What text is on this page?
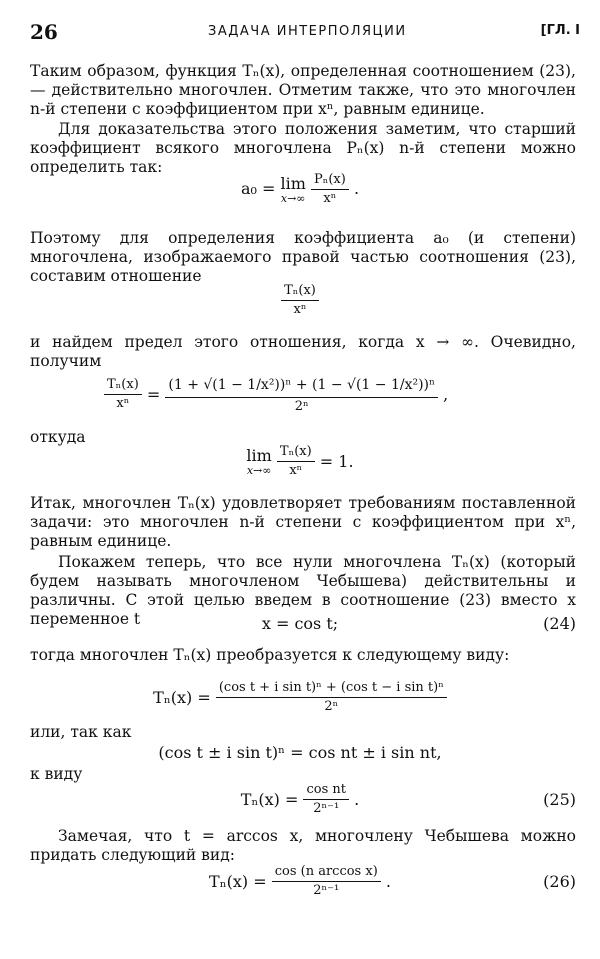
26	ЗАДАЧА ИНТЕРПОЛЯЦИИ	[ГЛ. I

Таким образом, функция Tₙ(x), определенная соотношением (23),— действительно многочлен. Отметим также, что это многочлен n-й степени с коэффициентом при xⁿ, равным единице.

Для доказательства этого положения заметим, что старший коэффициент всякого многочлена Pₙ(x) n-й степени можно определить так:

a₀ = lim
x→∞
$\frac{\text{Pₙ(x)}}{\text{xⁿ}}$ .

Поэтому для определения коэффициента a₀ (и степени) многочлена, изображаемого правой частью соотношения (23), составим отношение

$\frac{\text{Tₙ(x)}}{\text{xⁿ}}$

и найдем предел этого отношения, когда x → ∞. Очевидно, получим

$\frac{\text{Tₙ(x)}}{\text{xⁿ}} = \frac{\text{(1 + √(1 − 1/x²))ⁿ + (1 − √(1 − 1/x²))ⁿ}}{\text{2ⁿ}}$ ,

откуда

lim
x→∞
$\frac{\text{Tₙ(x)}}{\text{xⁿ}} = 1$.

Итак, многочлен Tₙ(x) удовлетворяет требованиям поставленной задачи: это многочлен n-й степени с коэффициентом при xⁿ, равным единице.

Покажем теперь, что все нули многочлена Tₙ(x) (который будем называть многочленом Чебышева) действительны и различны. С этой целью введем в соотношение (23) вместо x переменное t	x = cos t;	(24)

тогда многочлен Tₙ(x) преобразуется к следующему виду:

$T_n(x) = \frac{\text{(cos t + i sin t)ⁿ + (cos t − i sin t)ⁿ}}{\text{2ⁿ}}$

или, так как

(cos t ± i sin t)ⁿ = cos nt ± i sin nt,

к виду

$T_n(x) = \frac{\text{cos nt}}{\text{2ⁿ⁻¹}}$ .	(25)

Замечая, что t = arccos x, многочлену Чебышева можно придать следующий вид:

$T_n(x) = \frac{\text{cos (n arccos x)}}{\text{2ⁿ⁻¹}}$ .	(26)
